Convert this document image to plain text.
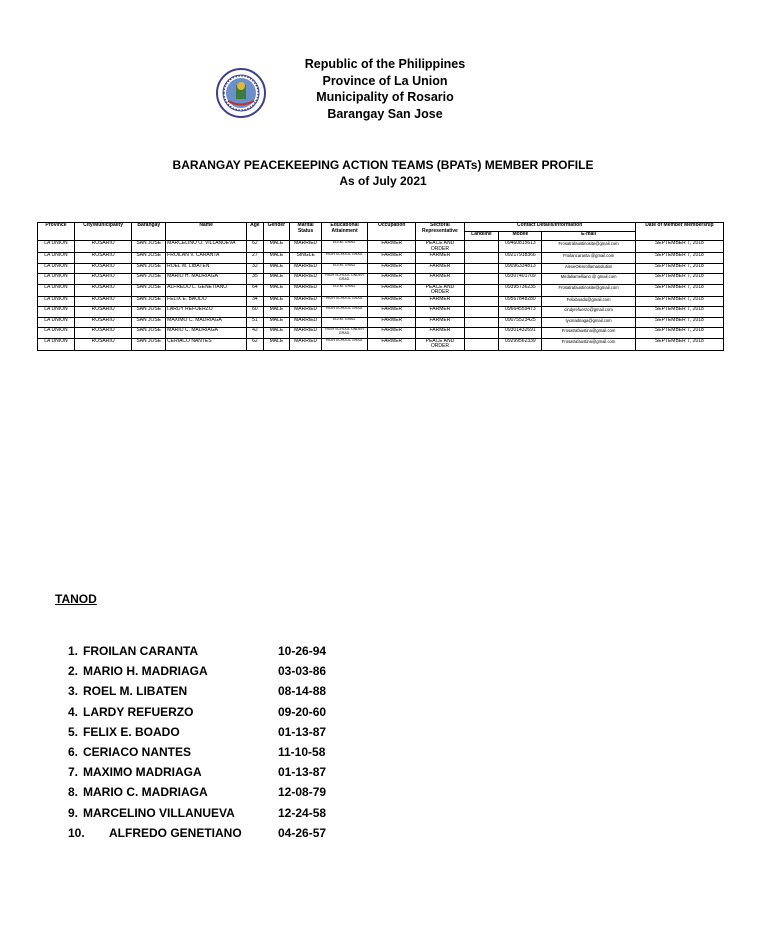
Republic of the Philippines
Province of La Union
Municipality of Rosario
Barangay San Jose
BARANGAY PEACEKEEPING ACTION TEAMS (BPATs) MEMBER PROFILE
As of July 2021
Province	City/Municipality	Barangay	Name	Age	Gender	Marital Status	Educational Attainment	Occupation	Sectoral Representative	Contact Details/Information			Date of Member Membership
										Landline	Mobile	E-mail	
LA UNION	ROSARIO	SAN JOSE	MARCELINO O. VILLANUEVA	62	MALE	MARRIED	ELEM. GRAD.	FARMER	PEACE AND ORDER		09460815613	Frosatrafaustinosite@gmail.com	SEPTEMBER 7, 2018
LA UNION	ROSARIO	SAN JOSE	FROILAN V. CARANTA	27	MALE	SINGLE	HIGH SCHOOL GRAD.	FARMER	FARMER		09217918366	Froilancaranta @gmail.com	SEPTEMBER 7, 2018
LA UNION	ROSARIO	SAN JOSE	ROEL M. LIBATEN	32	MALE	MARRIED	ELEM. GRAD.	FARMER	FARMER		09096334813	AlexeOlenrollamasolution	SEPTEMBER 7, 2018
LA UNION	ROSARIO	SAN JOSE	MARIO H. MADRIAGA	35	MALE	MARRIED	HIGH SCHOOL UNDER GRAD.	FARMER	FARMER		09307401709	Mirdaliamelliano @ gmail.com	SEPTEMBER 7, 2018
LA UNION	ROSARIO	SAN JOSE	ALFREDO L. GENETIANO	64	MALE	MARRIED	ELEM. GRAD.	FARMER	PEACE AND ORDER		09395736235	Frosatrafaustinosite@gmail.com	SEPTEMBER 7, 2018
LA UNION	ROSARIO	SAN JOSE	FELIX E. BAODO	34	MALE	MARRIED	HIGH SCHOOL GRAD.	FARMER	FARMER		09567848280	Felixboado@gmail.com	SEPTEMBER 7, 2018
LA UNION	ROSARIO	SAN JOSE	LARDY REFUERZO	60	MALE	MARRIED	HIGH SCHOOL GRAD.	FARMER	FARMER		09664559473	cindyrefuerzo@gmail.com	SEPTEMBER 7, 2018
LA UNION	ROSARIO	SAN JOSE	MAXIMO C. MADRIAGA	51	MALE	MARRIED	ELEM. GRAD.	FARMER	FARMER		09075523425	Iyxmadriaga@gmail.com	SEPTEMBER 7, 2018
LA UNION	ROSARIO	SAN JOSE	MARIO C. MADRIAGA	42	MALE	MARRIED	HIGH SCHOOL UNDER GRAD.	FARMER	FARMER		09301432691	Frosatrafaustino@gmail.com	SEPTEMBER 7, 2018
LA UNION	ROSARIO	SAN JOSE	CERIACO NANTES	62	MALE	MARRIED	HIGH SCHOOL GRAD.	FARMER	PEACE AND ORDER		09299562339	Frosatrafaustino@gmail.com	SEPTEMBER 7, 2018
TANOD
1. FROILAN CARANTA	10-26-94
2. MARIO H. MADRIAGA	03-03-86
3. ROEL M. LIBATEN	08-14-88
4. LARDY REFUERZO	09-20-60
5. FELIX E. BOADO	01-13-87
6. CERIACO NANTES	11-10-58
7. MAXIMO MADRIAGA	01-13-87
8. MARIO C. MADRIAGA	12-08-79
9. MARCELINO VILLANUEVA	12-24-58
10. ALFREDO GENETIANO	04-26-57
